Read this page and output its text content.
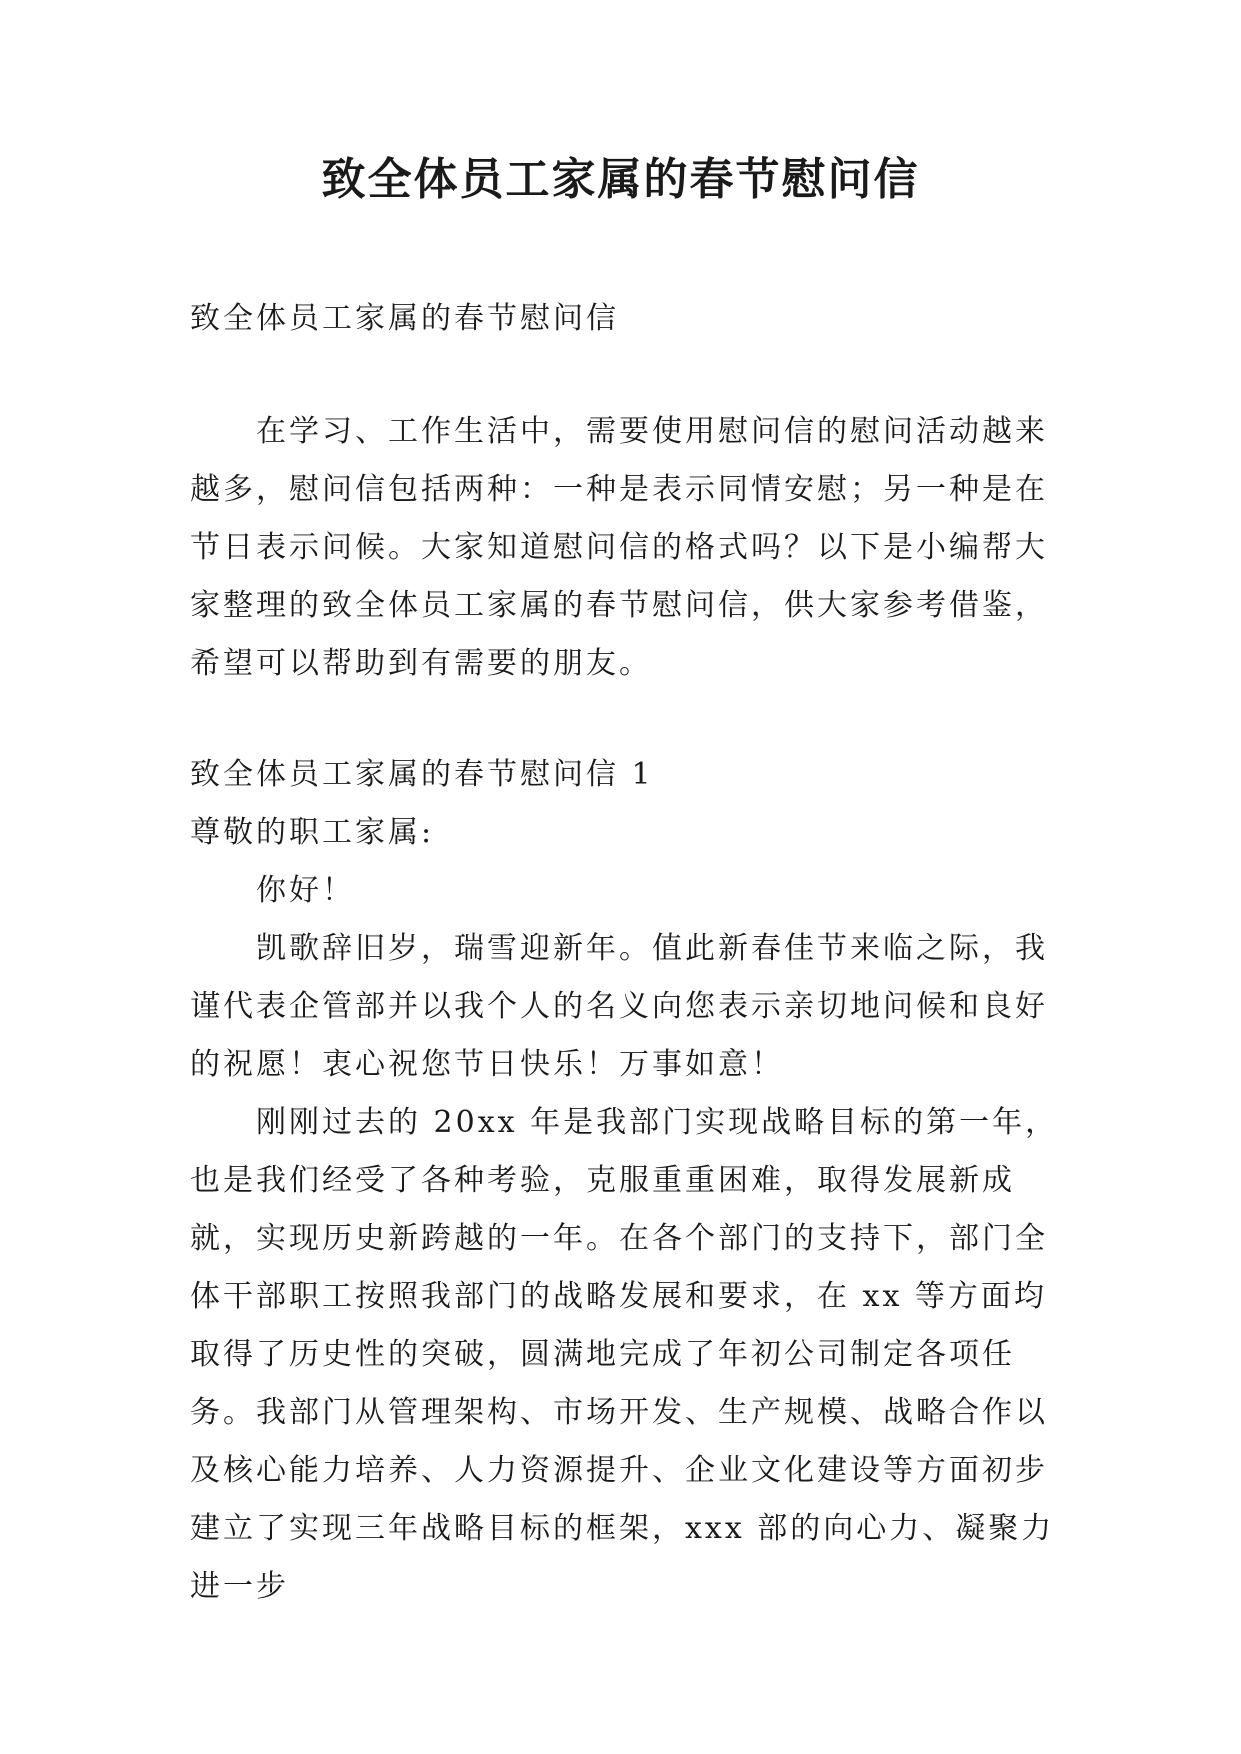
致全体员工家属的春节慰问信

致全体员工家属的春节慰问信

在学习、工作生活中，需要使用慰问信的慰问活动越来越多，慰问信包括两种：一种是表示同情安慰；另一种是在节日表示问候。大家知道慰问信的格式吗？以下是小编帮大家整理的致全体员工家属的春节慰问信，供大家参考借鉴，希望可以帮助到有需要的朋友。

致全体员工家属的春节慰问信 1

尊敬的职工家属:

你好！

凯歌辞旧岁，瑞雪迎新年。值此新春佳节来临之际，我谨代表企管部并以我个人的名义向您表示亲切地问候和良好的祝愿！衷心祝您节日快乐！万事如意！

刚刚过去的 20xx 年是我部门实现战略目标的第一年，也是我们经受了各种考验，克服重重困难，取得发展新成就，实现历史新跨越的一年。在各个部门的支持下，部门全体干部职工按照我部门的战略发展和要求，在 xx 等方面均取得了历史性的突破，圆满地完成了年初公司制定各项任务。我部门从管理架构、市场开发、生产规模、战略合作以及核心能力培养、人力资源提升、企业文化建设等方面初步建立了实现三年战略目标的框架，xxx 部的向心力、凝聚力进一步
